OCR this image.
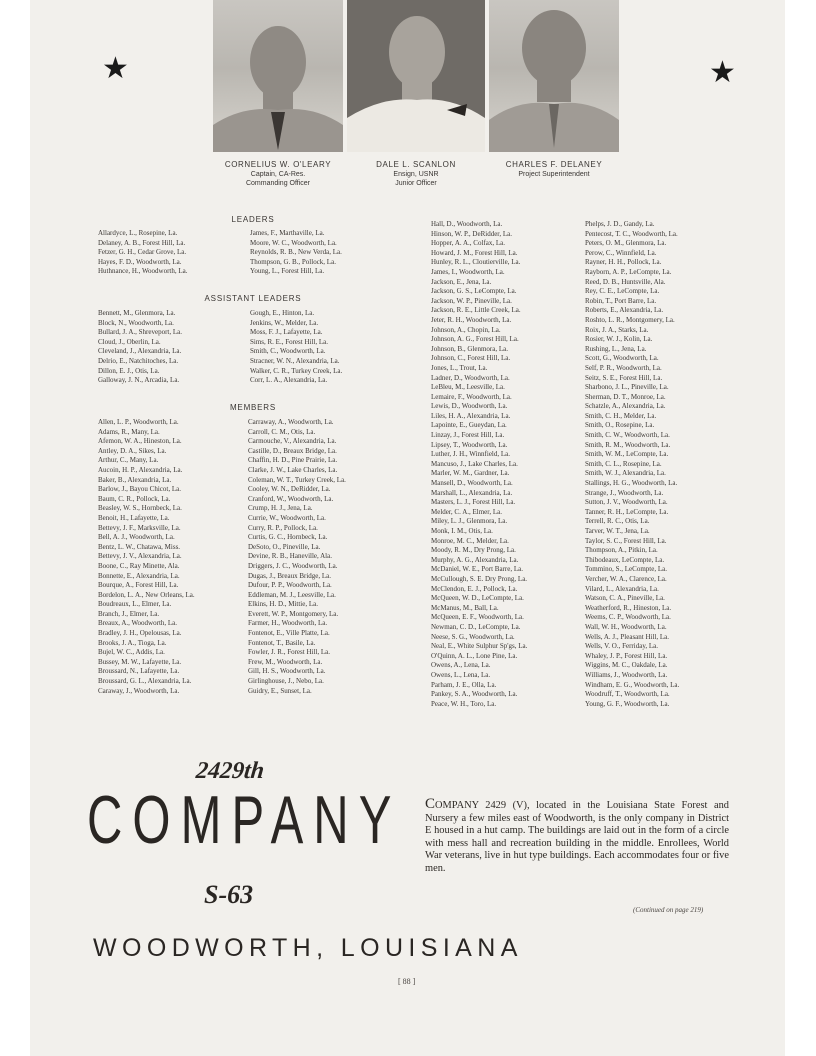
★	★
CORNELIUS W. O'LEARY
Captain, CA-Res.
Commanding Officer
DALE L. SCANLON
Ensign, USNR
Junior Officer
CHARLES F. DELANEY
Project Superintendent
LEADERS
ASSISTANT LEADERS
MEMBERS
Allardyce, L., Rosepine, La.
Delaney, A. B., Forest Hill, La.
Fetzer, G. H., Cedar Grove, La.
Hayes, F. D., Woodworth, La.
Huthnance, H., Woodworth, La.
James, F., Marthaville, La.
Moore, W. C., Woodworth, La.
Reynolds, R. B., New Verda, La.
Thompson, G. B., Pollock, La.
Young, L., Forest Hill, La.
Bennett, M., Glenmora, La.
Block, N., Woodworth, La.
Bullard, J. A., Shreveport, La.
Cloud, J., Oberlin, La.
Cleveland, J., Alexandria, La.
Delrio, E., Natchitoches, La.
Dillon, E. J., Otis, La.
Galloway, J. N., Arcadia, La.
Gough, E., Hinton, La.
Jenkins, W., Melder, La.
Moss, F. J., Lafayette, La.
Sims, R. E., Forest Hill, La.
Smith, C., Woodworth, La.
Stracner, W. N., Alexandria, La.
Walker, C. R., Turkey Creek, La.
Corr, L. A., Alexandria, La.
Allen, L. P., Woodworth, La.
Adams, R., Many, La.
Afemon, W. A., Hineston, La.
Antley, D. A., Sikes, La.
Arthur, C., Many, La.
Aucoin, H. P., Alexandria, La.
Baker, B., Alexandria, La.
Barlow, J., Bayou Chicot, La.
Baum, C. R., Pollock, La.
Beasley, W. S., Hornbeck, La.
Benoit, H., Lafayette, La.
Bettevy, J. F., Marksville, La.
Bell, A. J., Woodworth, La.
Bentz, L. W., Chatawa, Miss.
Bettevy, J. V., Alexandria, La.
Boone, C., Ray Minette, Ala.
Bonnette, E., Alexandria, La.
Bourque, A., Forest Hill, La.
Bordelon, L. A., New Orleans, La.
Boudreaux, L., Elmer, La.
Branch, J., Elmer, La.
Breaux, A., Woodworth, La.
Bradley, J. H., Opelousas, La.
Brooks, J. A., Tioga, La.
Bujel, W. C., Addis, La.
Bussey, M. W., Lafayette, La.
Broussard, N., Lafayette, La.
Broussard, G. L., Alexandria, La.
Caraway, J., Woodworth, La.
Carraway, A., Woodworth, La.
Carroll, C. M., Otis, La.
Carmouche, V., Alexandria, La.
Castille, D., Breaux Bridge, La.
Chaffin, H. D., Pine Prairie, La.
Clarke, J. W., Lake Charles, La.
Coleman, W. T., Turkey Creek, La.
Cooley, W. N., DeRidder, La.
Cranford, W., Woodworth, La.
Crump, H. J., Jena, La.
Currie, W., Woodworth, La.
Curry, R. P., Pollock, La.
Curtis, G. C., Hornbeck, La.
DeSoto, O., Pineville, La.
Devine, R. B., Haneville, Ala.
Driggers, J. C., Woodworth, La.
Dugas, J., Breaux Bridge, La.
Dufour, P. P., Woodworth, La.
Eddleman, M. J., Leesville, La.
Elkins, H. D., Mittie, La.
Everett, W. P., Montgomery, La.
Farmer, H., Woodworth, La.
Fontenot, E., Ville Platte, La.
Fontenot, T., Basile, La.
Fowler, J. R., Forest Hill, La.
Frew, M., Woodworth, La.
Gill, H. S., Woodworth, La.
Girlinghouse, J., Nebo, La.
Guidry, E., Sunset, La.
Hall, D., Woodworth, La.
Hinson, W. P., DeRidder, La.
Hopper, A. A., Colfax, La.
Howard, J. M., Forest Hill, La.
Hunley, R. L., Cloutierville, La.
James, I., Woodworth, La.
Jackson, E., Jena, La.
Jackson, G. S., LeCompte, La.
Jackson, W. P., Pineville, La.
Jackson, R. E., Little Creek, La.
Jeter, R. H., Woodworth, La.
Johnson, A., Chopin, La.
Johnson, A. G., Forest Hill, La.
Johnson, B., Glenmora, La.
Johnson, C., Forest Hill, La.
Jones, L., Trout, La.
Ladner, D., Woodworth, La.
LeBleu, M., Leesville, La.
Lemaire, F., Woodworth, La.
Lewis, D., Woodworth, La.
Liles, H. A., Alexandria, La.
Lapointe, E., Gueydan, La.
Linzay, J., Forest Hill, La.
Lipsey, T., Woodworth, La.
Luther, J. H., Winnfield, La.
Mancuso, J., Lake Charles, La.
Marler, W. M., Gardner, La.
Mansell, D., Woodworth, La.
Marshall, L., Alexandria, La.
Masters, L. J., Forest Hill, La.
Melder, C. A., Elmer, La.
Miley, L. J., Glenmora, La.
Monk, I. M., Otis, La.
Monroe, M. C., Melder, La.
Moody, R. M., Dry Prong, La.
Murphy, A. G., Alexandria, La.
McDaniel, W. E., Port Barre, La.
McCullough, S. E. Dry Prong, La.
McClendon, E. J., Pollock, La.
McQueen, W. D., LeCompte, La.
McManus, M., Ball, La.
McQueen, E. F., Woodworth, La.
Newman, C. D., LeCompte, La.
Neese, S. G., Woodworth, La.
Neal, E., White Sulphur Sp'gs, La.
O'Quinn, A. L., Lone Pine, La.
Owens, A., Lena, La.
Owens, L., Lena, La.
Parham, J. E., Olla, La.
Pankey, S. A., Woodworth, La.
Peace, W. H., Toro, La.
Phelps, J. D., Gandy, La.
Pentecost, T. C., Woodworth, La.
Peters, O. M., Glenmora, La.
Perow, C., Winnfield, La.
Rayner, H. H., Pollock, La.
Rayborn, A. P., LeCompte, La.
Reed, D. B., Huntsville, Ala.
Rey, C. E., LeCompte, La.
Robin, T., Port Barre, La.
Roberts, E., Alexandria, La.
Roshto, L. R., Montgomery, La.
Roix, J. A., Starks, La.
Rosier, W. J., Kolin, La.
Rushing, L., Jena, La.
Scott, G., Woodworth, La.
Self, P. R., Woodworth, La.
Seitz, S. E., Forest Hill, La.
Sharbono, J. L., Pineville, La.
Sherman, D. T., Monroe, La.
Schatzle, A., Alexandria, La.
Smith, C. H., Melder, La.
Smith, O., Rosepine, La.
Smith, C. W., Woodworth, La.
Smith, R. M., Woodworth, La.
Smith, W. M., LeCompte, La.
Smith, C. L., Rosepine, La.
Smith, W. J., Alexandria, La.
Stallings, H. G., Woodworth, La.
Strange, J., Woodworth, La.
Sutton, J. V., Woodworth, La.
Tanner, R. H., LeCompte, La.
Terrell, R. C., Otis, La.
Tarver, W. T., Jena, La.
Taylor, S. C., Forest Hill, La.
Thompson, A., Pitkin, La.
Thibodeaux, LeCompte, La.
Tommino, S., LeCompte, La.
Vercher, W. A., Clarence, La.
Vilard, L., Alexandria, La.
Watson, C. A., Pineville, La.
Weatherford, R., Hineston, La.
Weems, C. P., Woodworth, La.
Wall, W. H., Woodworth, La.
Wells, A. J., Pleasant Hill, La.
Wells, V. O., Ferriday, La.
Whaley, J. P., Forest Hill, La.
Wiggins, M. C., Oakdale, La.
Williams, J., Woodworth, La.
Windham, E. G., Woodworth, La.
Woodruff, T., Woodworth, La.
Young, G. F., Woodworth, La.
2429th
COMPANY
S-63
COMPANY 2429 (V), located in the Louisiana State Forest and Nursery a few miles east of Woodworth, is the only company in District E housed in a hut camp. The buildings are laid out in the form of a circle with mess hall and recreation building in the middle. Enrollees, World War veterans, live in hut type buildings. Each accommodates four or five men.
(Continued on page 219)
WOODWORTH, LOUISIANA
[ 88 ]
